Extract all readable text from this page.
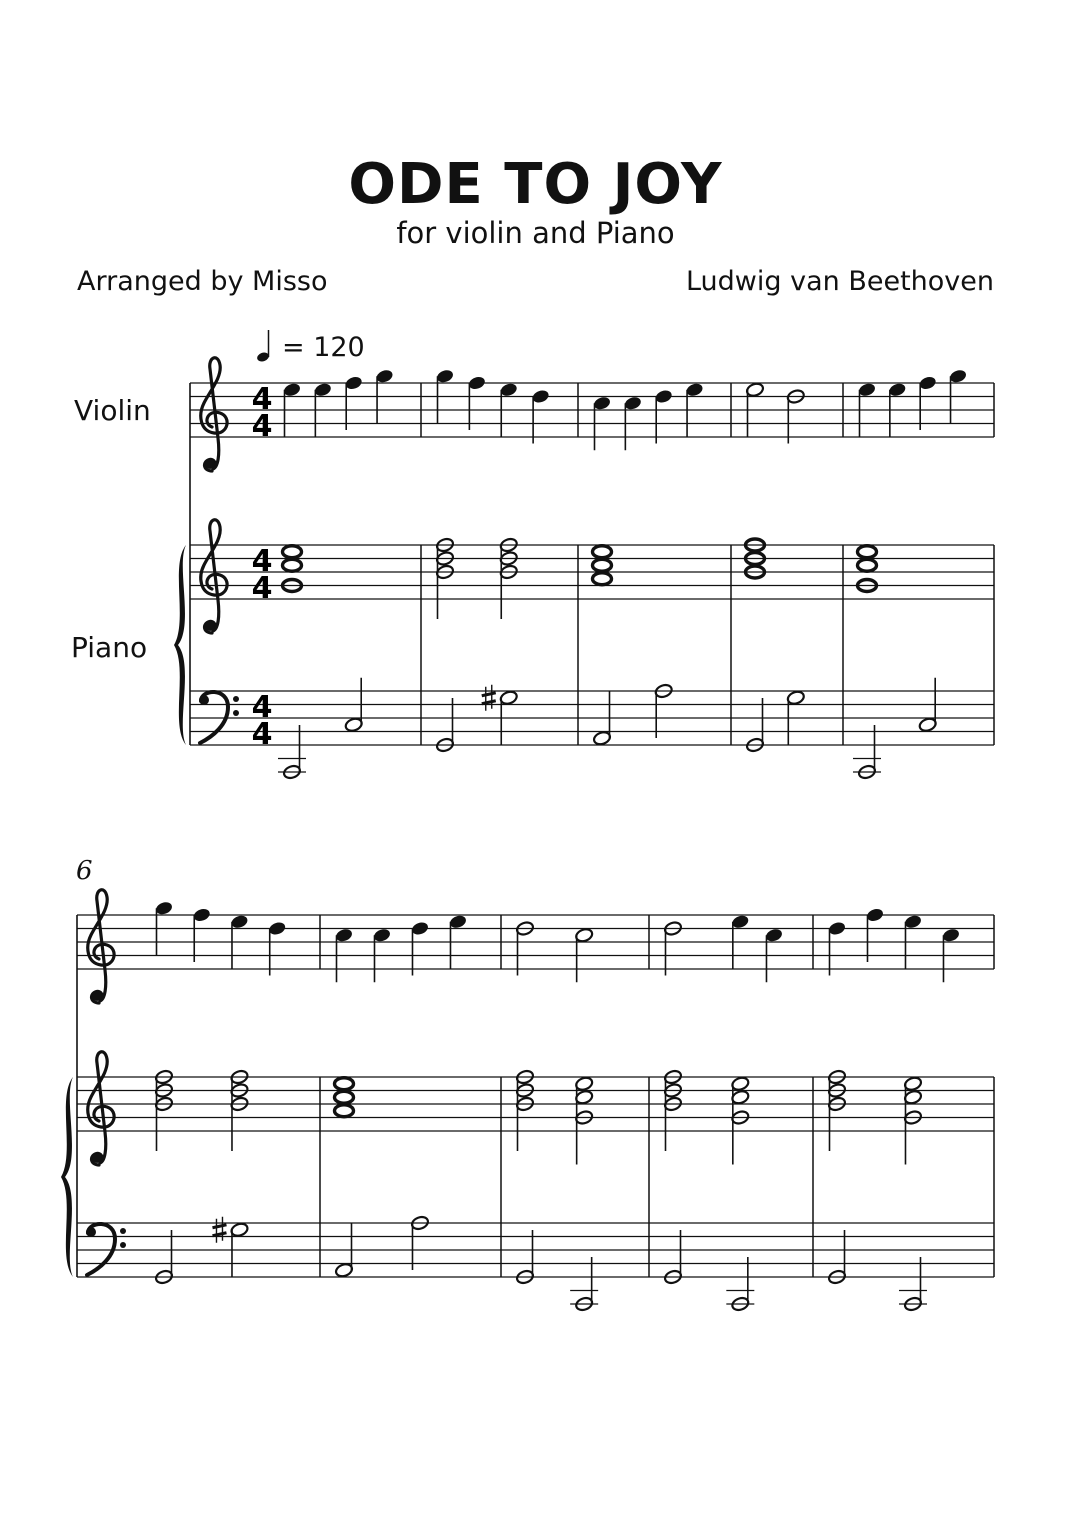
ODE TO JOY
for violin and Piano
Arranged by Misso	Ludwig van Beethoven
= 120
Violin
Piano
6
4
4
4
4
4
4
